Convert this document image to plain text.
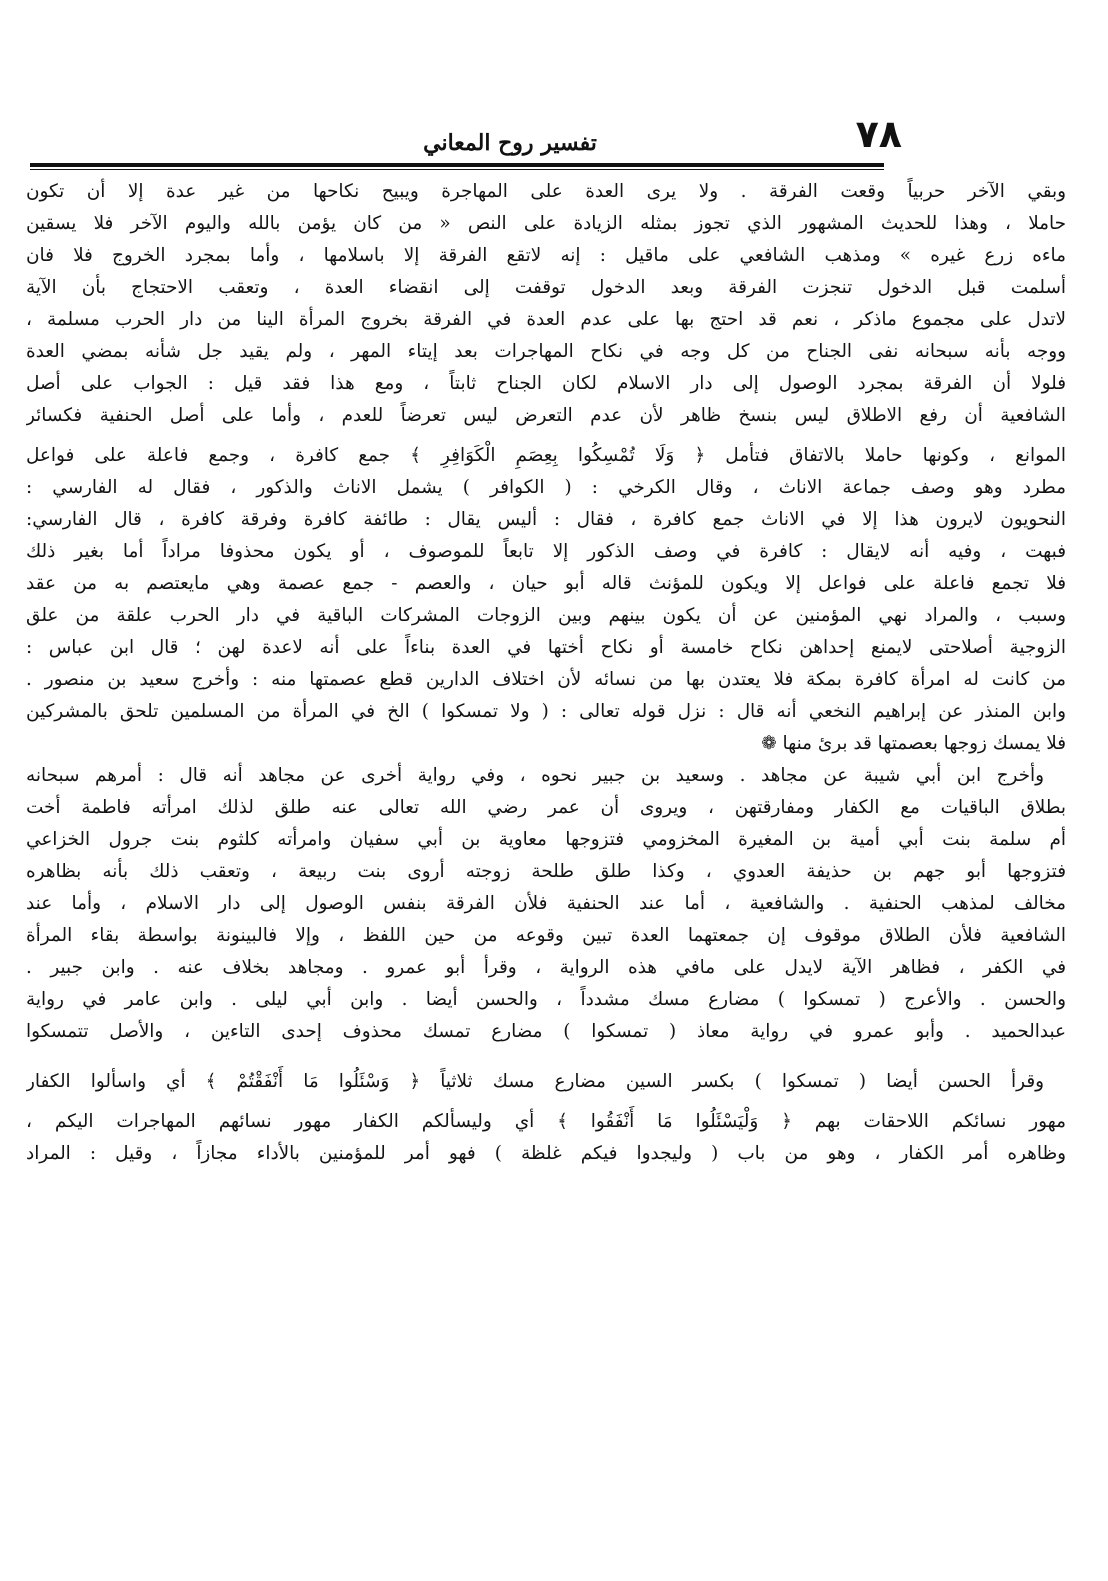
٧٨
تفسير روح المعاني
وبقي الآخر حربياً وقعت الفرقة . ولا يرى العدة على المهاجرة ويبيح نكاحها من غير عدة إلا أن تكون
حاملا ، وهذا للحديث المشهور الذي تجوز بمثله الزيادة على النص « من كان يؤمن بالله واليوم الآخر فلا يسقين
ماءه زرع غيره » ومذهب الشافعي على ماقيل : إنه لاتقع الفرقة إلا باسلامها ، وأما بمجرد الخروج فلا فان
أسلمت قبل الدخول تنجزت الفرقة وبعد الدخول توقفت إلى انقضاء العدة ، وتعقب الاحتجاج بأن الآية
لاتدل على مجموع ماذكر ، نعم قد احتج بها على عدم العدة في الفرقة بخروج المرأة الينا من دار الحرب مسلمة ،
ووجه بأنه سبحانه نفى الجناح من كل وجه في نكاح المهاجرات بعد إيتاء المهر ، ولم يقيد جل شأنه بمضي العدة
فلولا أن الفرقة بمجرد الوصول إلى دار الاسلام لكان الجناح ثابتاً ، ومع هذا فقد قيل : الجواب على أصل
الشافعية أن رفع الاطلاق ليس بنسخ ظاهر لأن عدم التعرض ليس تعرضاً للعدم ، وأما على أصل الحنفية فكسائر
الموانع ، وكونها حاملا بالاتفاق فتأمل ﴿ وَلَا تُمْسِكُوا بِعِصَمِ الْكَوَافِرِ ﴾ جمع كافرة ، وجمع فاعلة على فواعل
مطرد وهو وصف جماعة الاناث ، وقال الكرخي : ( الكوافر ) يشمل الاناث والذكور ، فقال له الفارسي :
النحويون لايرون هذا إلا في الاناث جمع كافرة ، فقال : أليس يقال : طائفة كافرة وفرقة كافرة ، قال الفارسي:
فبهت ، وفيه أنه لايقال : كافرة في وصف الذكور إلا تابعاً للموصوف ، أو يكون محذوفا مراداً أما بغير ذلك
فلا تجمع فاعلة على فواعل إلا ويكون للمؤنث قاله أبو حيان ، والعصم - جمع عصمة وهي مايعتصم به من عقد
وسبب ، والمراد نهي المؤمنين عن أن يكون بينهم وبين الزوجات المشركات الباقية في دار الحرب علقة من علق
الزوجية أصلاحتى لايمنع إحداهن نكاح خامسة أو نكاح أختها في العدة بناءاً على أنه لاعدة لهن ؛ قال ابن عباس :
من كانت له امرأة كافرة بمكة فلا يعتدن بها من نسائه لأن اختلاف الدارين قطع عصمتها منه : وأخرج سعيد بن منصور .
وابن المنذر عن إبراهيم النخعي أنه قال : نزل قوله تعالى : ( ولا تمسكوا ) الخ في المرأة من المسلمين تلحق بالمشركين
فلا يمسك زوجها بعصمتها قد برئ منها ❁
وأخرج ابن أبي شيبة عن مجاهد . وسعيد بن جبير نحوه ، وفي رواية أخرى عن مجاهد أنه قال : أمرهم سبحانه
بطلاق الباقيات مع الكفار ومفارقتهن ، ويروى أن عمر رضي الله تعالى عنه طلق لذلك امرأته فاطمة أخت
أم سلمة بنت أبي أمية بن المغيرة المخزومي فتزوجها معاوية بن أبي سفيان وامرأته كلثوم بنت جرول الخزاعي
فتزوجها أبو جهم بن حذيفة العدوي ، وكذا طلق طلحة زوجته أروى بنت ربيعة ، وتعقب ذلك بأنه بظاهره
مخالف لمذهب الحنفية . والشافعية ، أما عند الحنفية فلأن الفرقة بنفس الوصول إلى دار الاسلام ، وأما عند
الشافعية فلأن الطلاق موقوف إن جمعتهما العدة تبين وقوعه من حين اللفظ ، وإلا فالبينونة بواسطة بقاء المرأة
في الكفر ، فظاهر الآية لايدل على مافي هذه الرواية ، وقرأ أبو عمرو . ومجاهد بخلاف عنه . وابن جبير .
والحسن . والأعرج ( تمسكوا ) مضارع مسك مشدداً ، والحسن أيضا . وابن أبي ليلى . وابن عامر في رواية
عبدالحميد . وأبو عمرو في رواية معاذ ( تمسكوا ) مضارع تمسك محذوف إحدى التاءين ، والأصل تتمسكوا
وقرأ الحسن أيضا ( تمسكوا ) بكسر السين مضارع مسك ثلاثياً ﴿ وَسْئَلُوا مَا أَنْفَقْتُمْ ﴾ أي واسألوا الكفار
مهور نسائكم اللاحقات بهم ﴿ وَلْيَسْئَلُوا مَا أَنْفَقُوا ﴾ أي وليسألكم الكفار مهور نسائهم المهاجرات اليكم ،
وظاهره أمر الكفار ، وهو من باب ( وليجدوا فيكم غلظة ) فهو أمر للمؤمنين بالأداء مجازاً ، وقيل : المراد
